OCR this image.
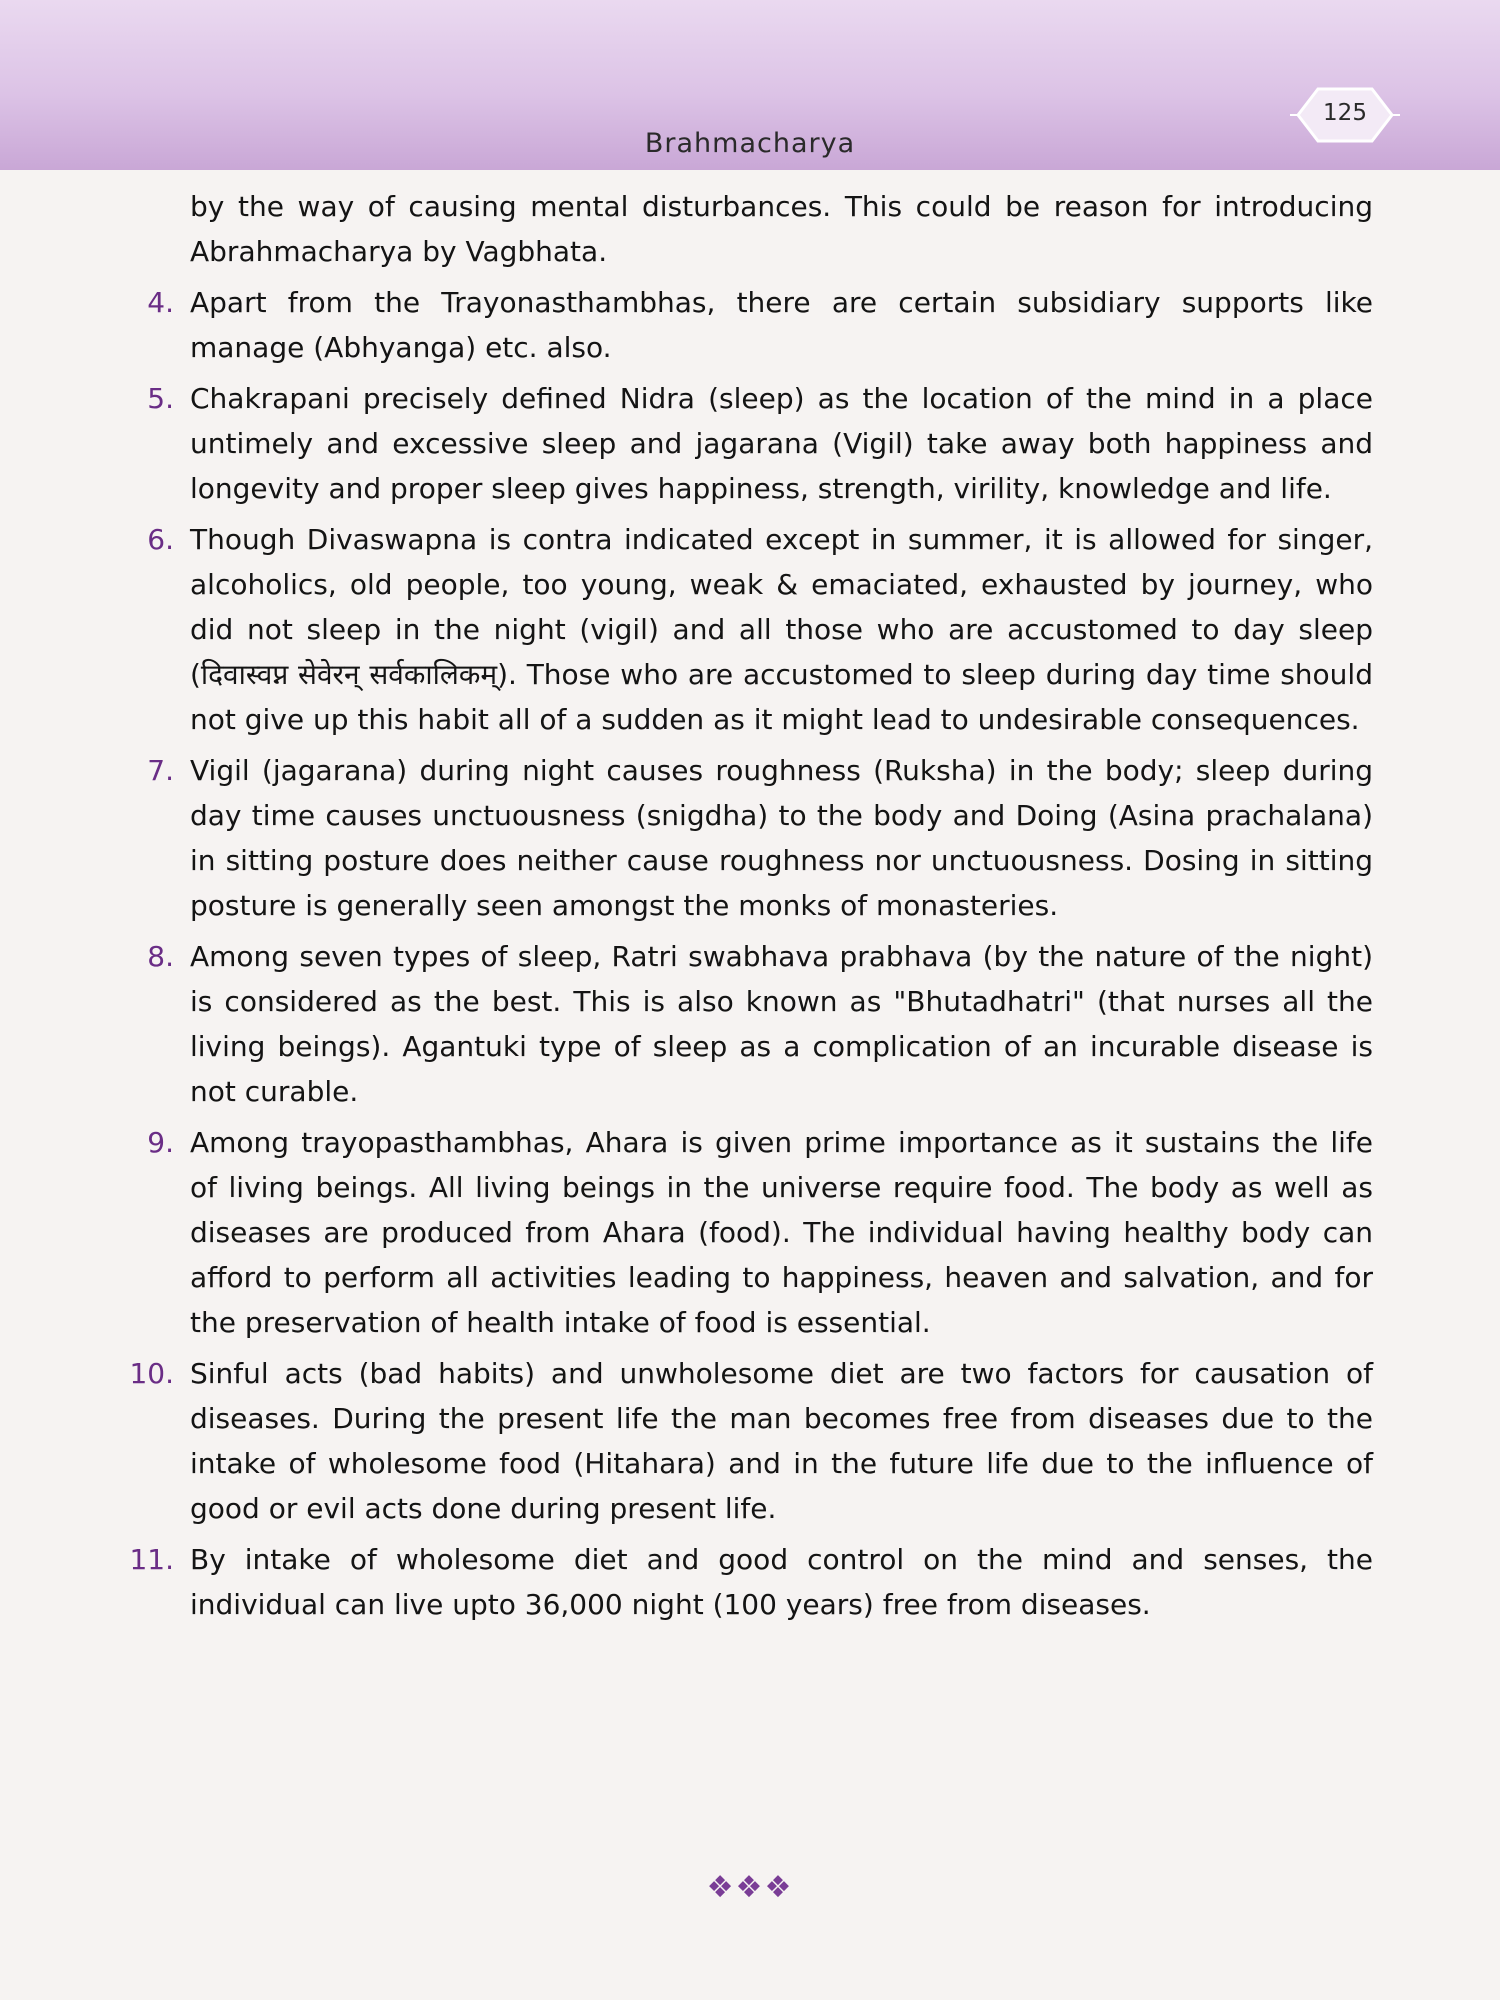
Brahmacharya
125

by the way of causing mental disturbances. This could be reason for introducing Abrahmacharya by Vagbhata.

4. Apart from the Trayonasthambhas, there are certain subsidiary supports like manage (Abhyanga) etc. also.
5. Chakrapani precisely defined Nidra (sleep) as the location of the mind in a place untimely and excessive sleep and jagarana (Vigil) take away both happiness and longevity and proper sleep gives happiness, strength, virility, knowledge and life.
6. Though Divaswapna is contra indicated except in summer, it is allowed for singer, alcoholics, old people, too young, weak & emaciated, exhausted by journey, who did not sleep in the night (vigil) and all those who are accustomed to day sleep (दिवास्वप्न सेवेरन् सर्वकालिकम्). Those who are accustomed to sleep during day time should not give up this habit all of a sudden as it might lead to undesirable consequences.
7. Vigil (jagarana) during night causes roughness (Ruksha) in the body; sleep during day time causes unctuousness (snigdha) to the body and Doing (Asina prachalana) in sitting posture does neither cause roughness nor unctuousness. Dosing in sitting posture is generally seen amongst the monks of monasteries.
8. Among seven types of sleep, Ratri swabhava prabhava (by the nature of the night) is considered as the best. This is also known as "Bhutadhatri" (that nurses all the living beings). Agantuki type of sleep as a complication of an incurable disease is not curable.
9. Among trayopasthambhas, Ahara is given prime importance as it sustains the life of living beings. All living beings in the universe require food. The body as well as diseases are produced from Ahara (food). The individual having healthy body can afford to perform all activities leading to happiness, heaven and salvation, and for the preservation of health intake of food is essential.
10. Sinful acts (bad habits) and unwholesome diet are two factors for causation of diseases. During the present life the man becomes free from diseases due to the intake of wholesome food (Hitahara) and in the future life due to the influence of good or evil acts done during present life.
11. By intake of wholesome diet and good control on the mind and senses, the individual can live upto 36,000 night (100 years) free from diseases.
❖❖❖
